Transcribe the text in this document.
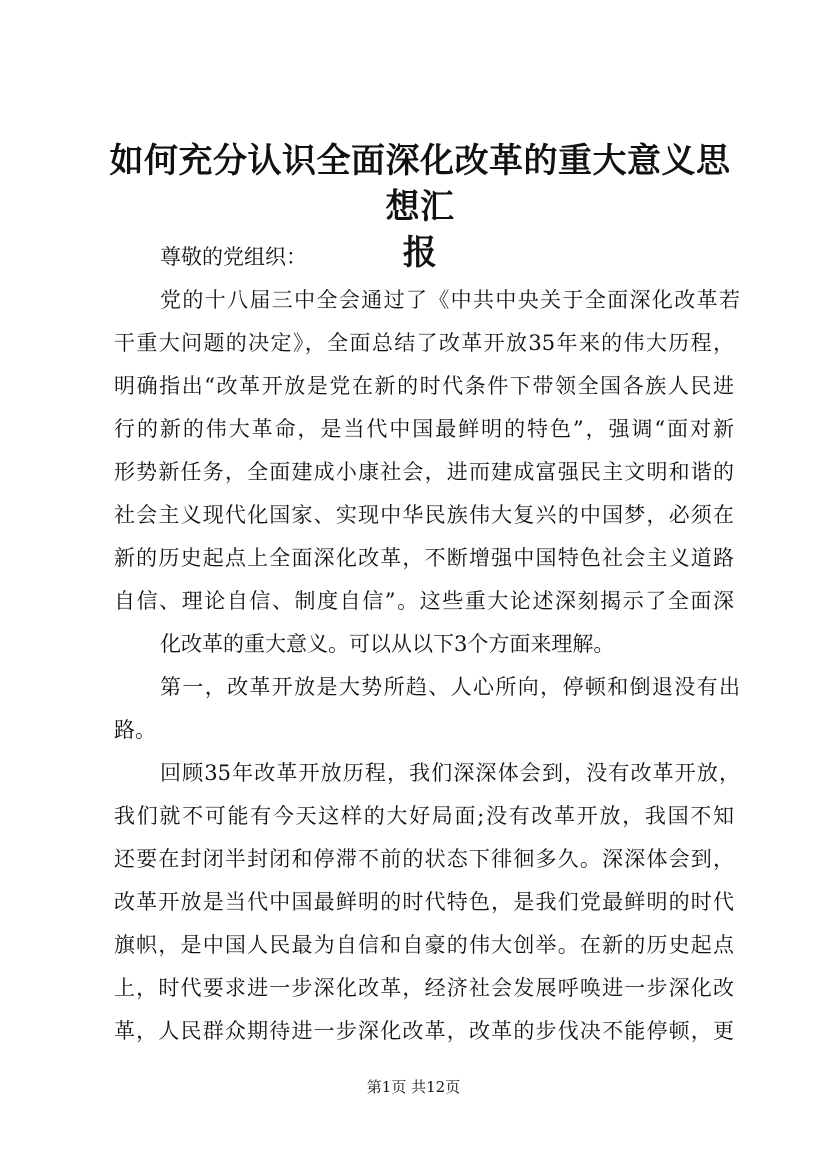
如何充分认识全面深化改革的重大意义思想汇
报
尊敬的党组织：
党的十八届三中全会通过了《中共中央关于全面深化改革若
干重大问题的决定》，全面总结了改革开放35年来的伟大历程，
明确指出“改革开放是党在新的时代条件下带领全国各族人民进
行的新的伟大革命，是当代中国最鲜明的特色”，强调“面对新
形势新任务，全面建成小康社会，进而建成富强民主文明和谐的
社会主义现代化国家、实现中华民族伟大复兴的中国梦，必须在
新的历史起点上全面深化改革，不断增强中国特色社会主义道路
自信、理论自信、制度自信”。这些重大论述深刻揭示了全面深
化改革的重大意义。可以从以下3个方面来理解。
第一，改革开放是大势所趋、人心所向，停顿和倒退没有出
路。
回顾35年改革开放历程，我们深深体会到，没有改革开放，
我们就不可能有今天这样的大好局面;没有改革开放，我国不知
还要在封闭半封闭和停滞不前的状态下徘徊多久。深深体会到，
改革开放是当代中国最鲜明的时代特色，是我们党最鲜明的时代
旗帜，是中国人民最为自信和自豪的伟大创举。在新的历史起点
上，时代要求进一步深化改革，经济社会发展呼唤进一步深化改
革，人民群众期待进一步深化改革，改革的步伐决不能停顿，更
第1页 共12页
